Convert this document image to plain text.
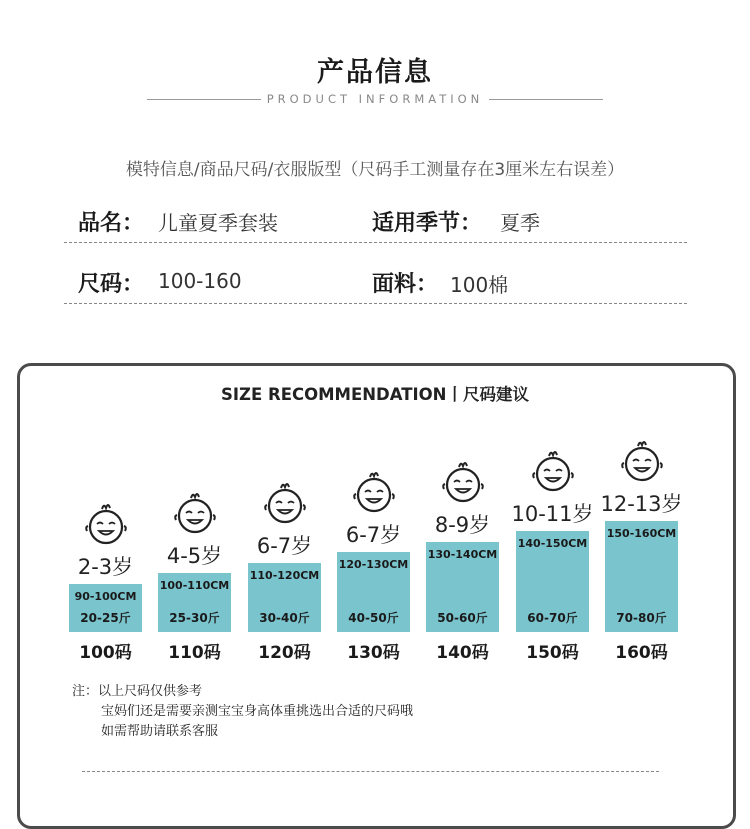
产品信息
PRODUCT INFORMATION
模特信息/商品尺码/衣服版型（尺码手工测量存在3厘米左右误差）
品名： 儿童夏季套装	适用季节： 夏季
尺码： 100-160	面料： 100棉
SIZE RECOMMENDATION丨尺码建议
90-100CM
20-25斤
2-3岁
100码
100-110CM
25-30斤
4-5岁
110码
110-120CM
30-40斤
6-7岁
120码
120-130CM
40-50斤
6-7岁
130码
130-140CM
50-60斤
8-9岁
140码
140-150CM
60-70斤
10-11岁
150码
150-160CM
70-80斤
12-13岁
160码
注：以上尺码仅供参考
宝妈们还是需要亲测宝宝身高体重挑选出合适的尺码哦
如需帮助请联系客服
